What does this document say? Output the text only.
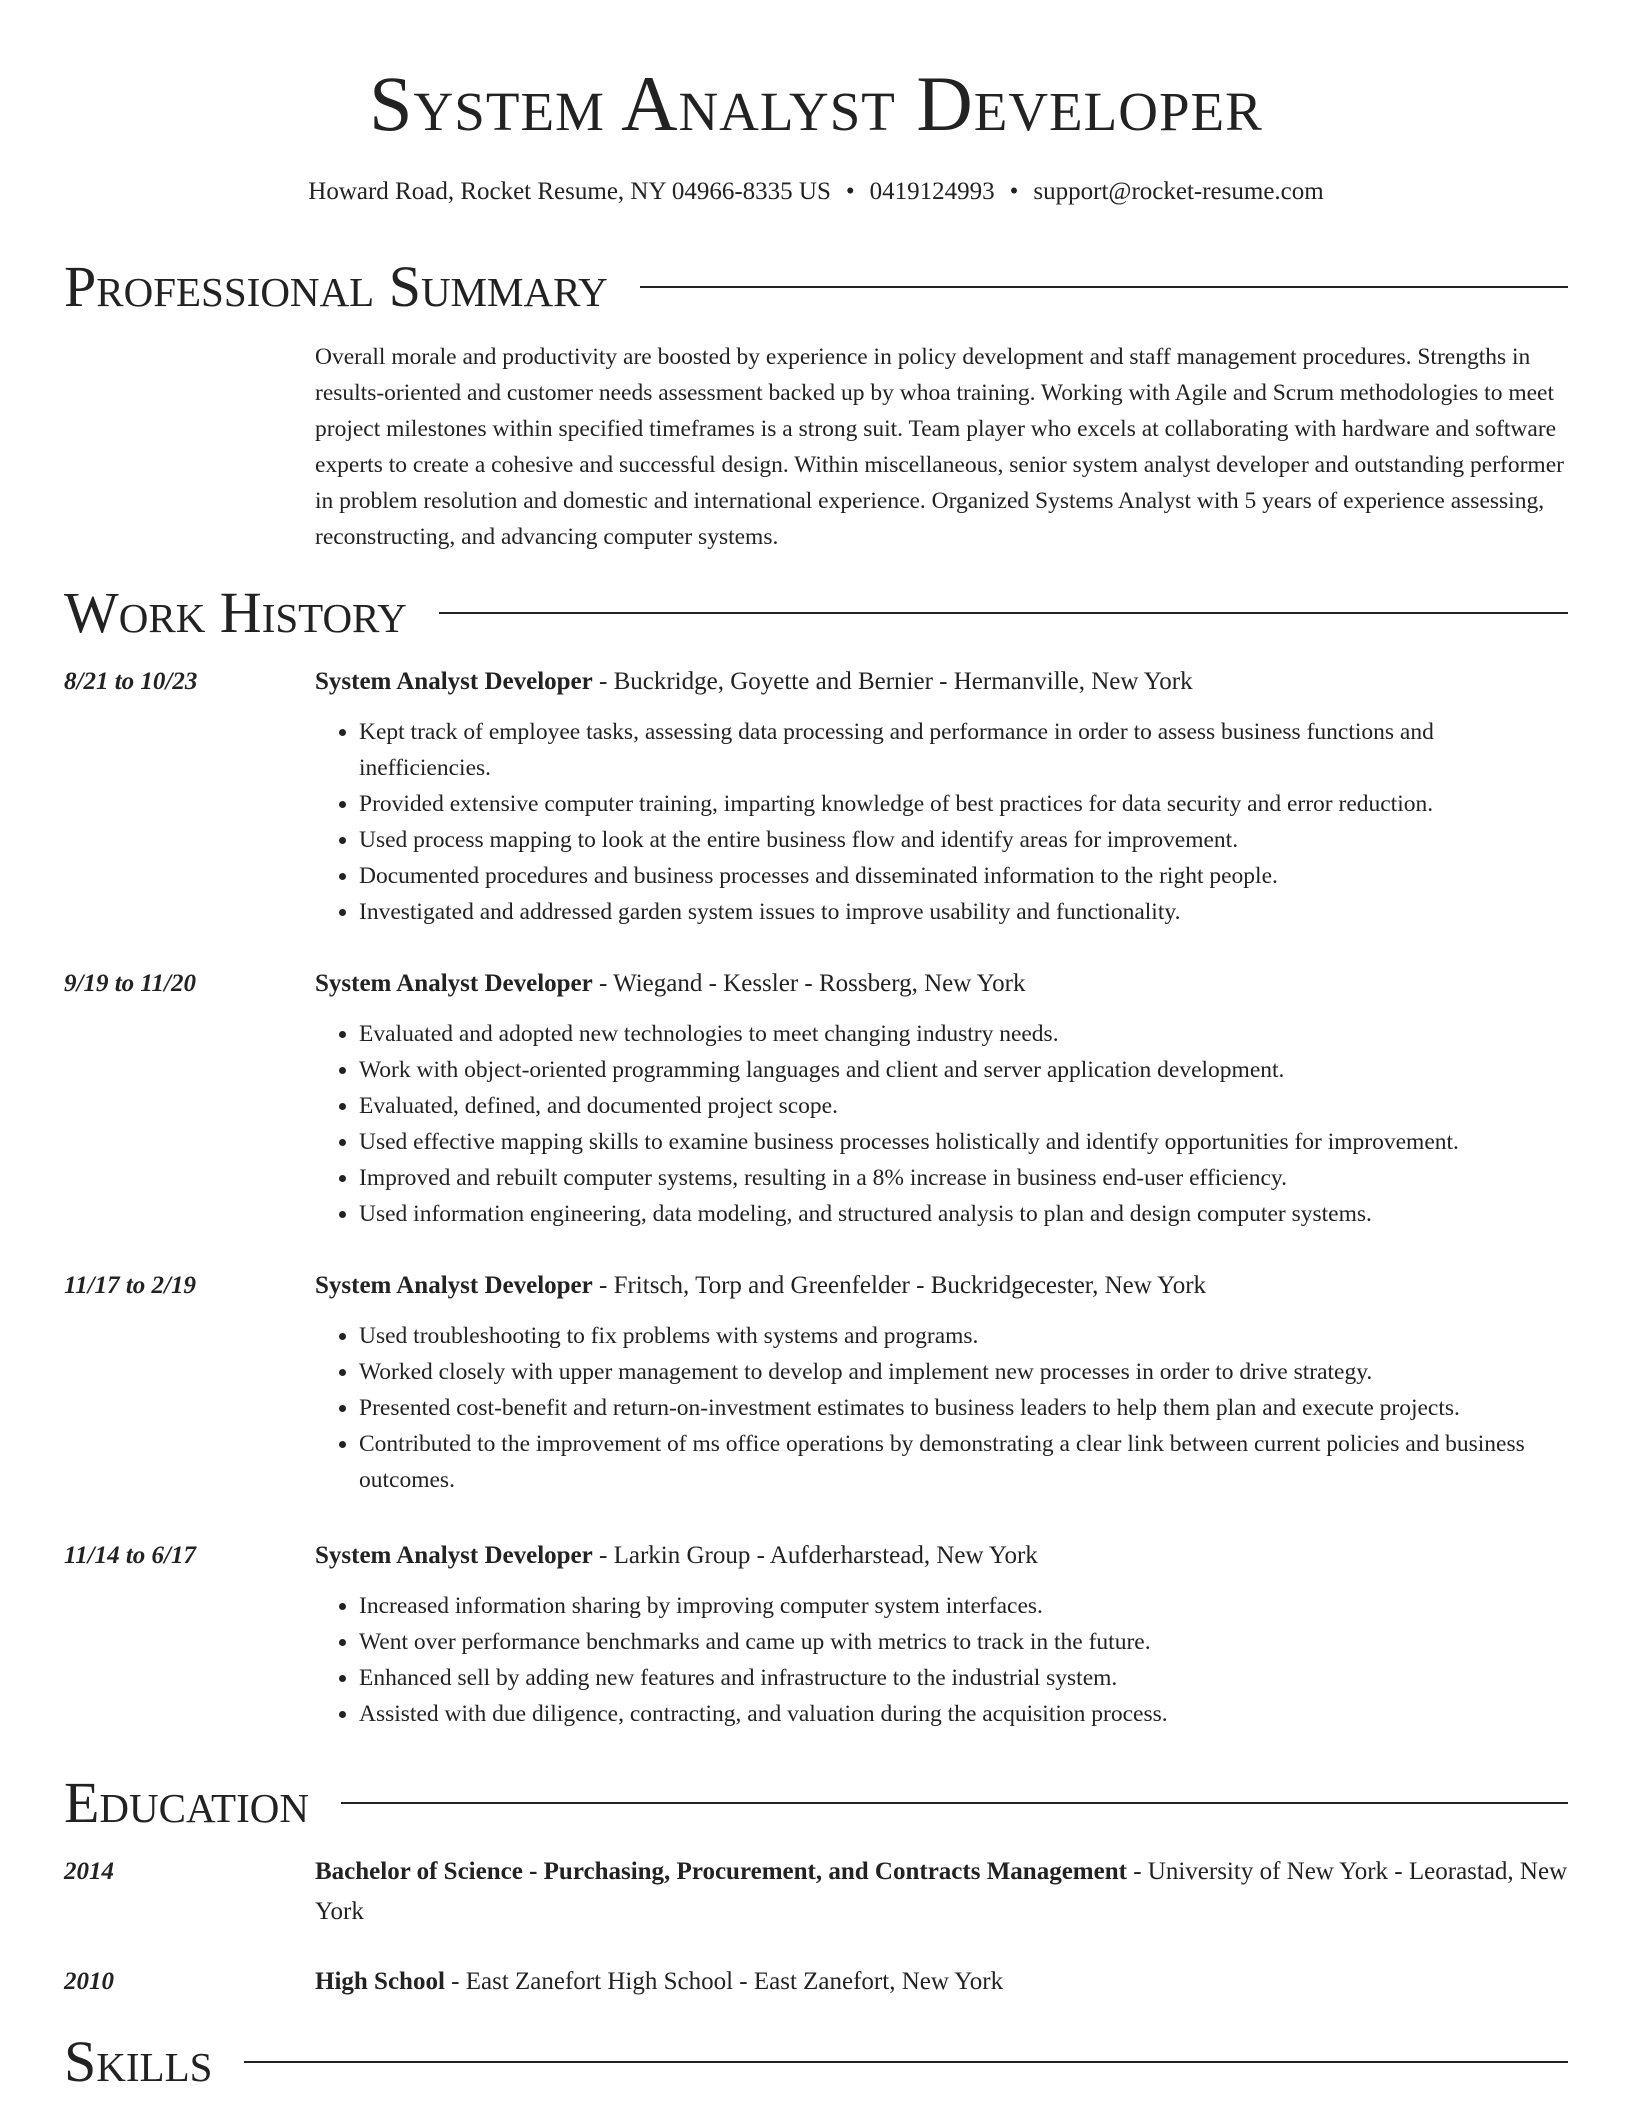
System Analyst Developer
Howard Road, Rocket Resume, NY 04966-8335 US • 0419124993 • support@rocket-resume.com
Professional Summary

Overall morale and productivity are boosted by experience in policy development and staff management procedures. Strengths in results-oriented and customer needs assessment backed up by whoa training. Working with Agile and Scrum methodologies to meet project milestones within specified timeframes is a strong suit. Team player who excels at collaborating with hardware and software experts to create a cohesive and successful design. Within miscellaneous, senior system analyst developer and outstanding performer in problem resolution and domestic and international experience. Organized Systems Analyst with 5 years of experience assessing, reconstructing, and advancing computer systems.

Work History
8/21 to 10/23	System Analyst Developer - Buckridge, Goyette and Bernier - Hermanville, New York
• Kept track of employee tasks, assessing data processing and performance in order to assess business functions and inefficiencies.
• Provided extensive computer training, imparting knowledge of best practices for data security and error reduction.
• Used process mapping to look at the entire business flow and identify areas for improvement.
• Documented procedures and business processes and disseminated information to the right people.
• Investigated and addressed garden system issues to improve usability and functionality.
9/19 to 11/20	System Analyst Developer - Wiegand - Kessler - Rossberg, New York
• Evaluated and adopted new technologies to meet changing industry needs.
• Work with object-oriented programming languages and client and server application development.
• Evaluated, defined, and documented project scope.
• Used effective mapping skills to examine business processes holistically and identify opportunities for improvement.
• Improved and rebuilt computer systems, resulting in a 8% increase in business end-user efficiency.
• Used information engineering, data modeling, and structured analysis to plan and design computer systems.
11/17 to 2/19	System Analyst Developer - Fritsch, Torp and Greenfelder - Buckridgecester, New York
• Used troubleshooting to fix problems with systems and programs.
• Worked closely with upper management to develop and implement new processes in order to drive strategy.
• Presented cost-benefit and return-on-investment estimates to business leaders to help them plan and execute projects.
• Contributed to the improvement of ms office operations by demonstrating a clear link between current policies and business outcomes.
11/14 to 6/17	System Analyst Developer - Larkin Group - Aufderharstead, New York
• Increased information sharing by improving computer system interfaces.
• Went over performance benchmarks and came up with metrics to track in the future.
• Enhanced sell by adding new features and infrastructure to the industrial system.
• Assisted with due diligence, contracting, and valuation during the acquisition process.
Education
2014	Bachelor of Science - Purchasing, Procurement, and Contracts Management - University of New York - Leorastad, New York
2010	High School - East Zanefort High School - East Zanefort, New York
Skills
